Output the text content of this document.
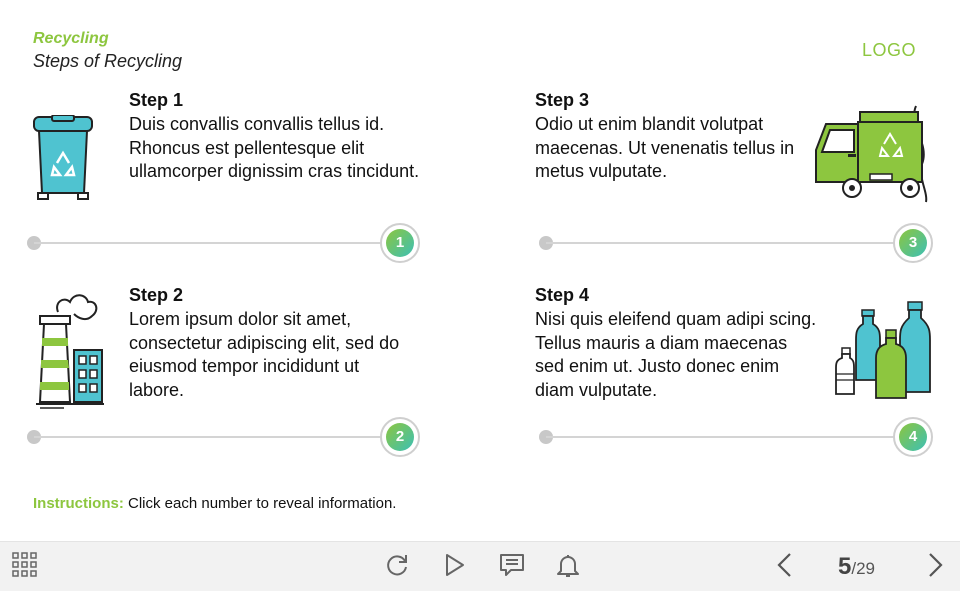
Recycling
Steps of Recycling
LOGO
Step 1
Duis convallis convallis tellus id. Rhoncus est pellentesque elit ullamcorper dignissim cras tincidunt.
1
Step 2
Lorem ipsum dolor sit amet, consectetur adipiscing elit, sed do eiusmod tempor incididunt ut labore.
2
Step 3
Odio ut enim blandit volutpat maecenas. Ut venenatis tellus in metus vulputate.
3
Step 4
Nisi quis eleifend quam adipi scing. Tellus mauris a diam maecenas sed enim ut. Justo donec enim diam vulputate.
4
Instructions: Click each number to reveal information.
5/29
